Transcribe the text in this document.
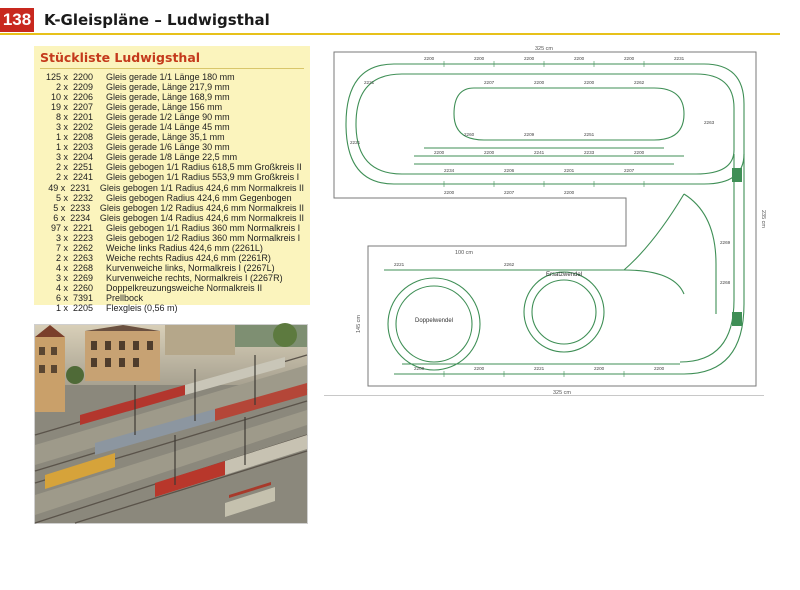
138 K-Gleispläne – Ludwigsthal
Stückliste Ludwigsthal
125 x 2200	Gleis gerade 1/1 Länge 180 mm
2 x 2209	Gleis gerade, Länge 217,9 mm
10 x 2206	Gleis gerade, Länge 168,9 mm
19 x 2207	Gleis gerade, Länge 156 mm
8 x 2201	Gleis gerade 1/2 Länge 90 mm
3 x 2202	Gleis gerade 1/4 Länge 45 mm
1 x 2208	Gleis gerade, Länge 35,1 mm
1 x 2203	Gleis gerade 1/6 Länge 30 mm
3 x 2204	Gleis gerade 1/8 Länge 22,5 mm
2 x 2251	Gleis gebogen 1/1 Radius 618,5 mm Großkreis II
2 x 2241	Gleis gebogen 1/1 Radius 553,9 mm Großkreis I
49 x 2231	Gleis gebogen 1/1 Radius 424,6 mm Normalkreis II
5 x 2232	Gleis gebogen Radius 424,6 mm Gegenbogen
5 x 2233	Gleis gebogen 1/2 Radius 424,6 mm Normalkreis II
6 x 2234	Gleis gebogen 1/4 Radius 424,6 mm Normalkreis II
97 x 2221	Gleis gebogen 1/1 Radius 360 mm Normalkreis I
3 x 2223	Gleis gebogen 1/2 Radius 360 mm Normalkreis I
7 x 2262	Weiche links Radius 424,6 mm (2261L)
2 x 2263	Weiche rechts Radius 424,6 mm (2261R)
4 x 2268	Kurvenweiche links, Normalkreis I (2267L)
3 x 2269	Kurvenweiche rechts, Normalkreis I (2267R)
4 x 2260	Doppelkreuzungsweiche Normalkreis II
6 x 7391	Prellbock
1 x 2205	Flexgleis (0,56 m)
325 cm
100 cm
325 cm
145 cm
235 cm
2200	2200	2200	2200	2200	2231
2221
2221
2207	2200	2200	2262
2260	2209	2251
2200	2200	2241	2233	2200
2234	2206	2201	2207
2200	2207	2200
2263
2269
2268
2200	2200	2221	2200	2200
2221	2262
Doppelwendel
Ersatzwendel
